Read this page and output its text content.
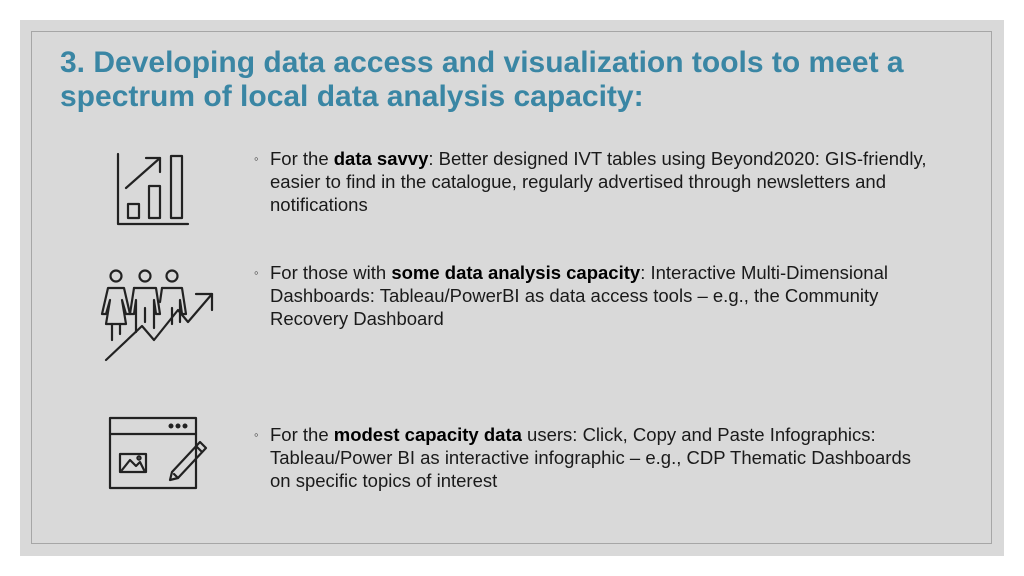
3. Developing data access and visualization tools to meet a spectrum of local data analysis capacity:
◦ For the data savvy: Better designed IVT tables using Beyond2020: GIS-friendly, easier to find in the catalogue, regularly advertised through newsletters and notifications
◦ For those with some data analysis capacity: Interactive Multi-Dimensional Dashboards: Tableau/PowerBI as data access tools – e.g., the Community Recovery Dashboard
◦ For the modest capacity data users: Click, Copy and Paste Infographics: Tableau/Power BI as interactive infographic – e.g., CDP Thematic Dashboards on specific topics of interest
